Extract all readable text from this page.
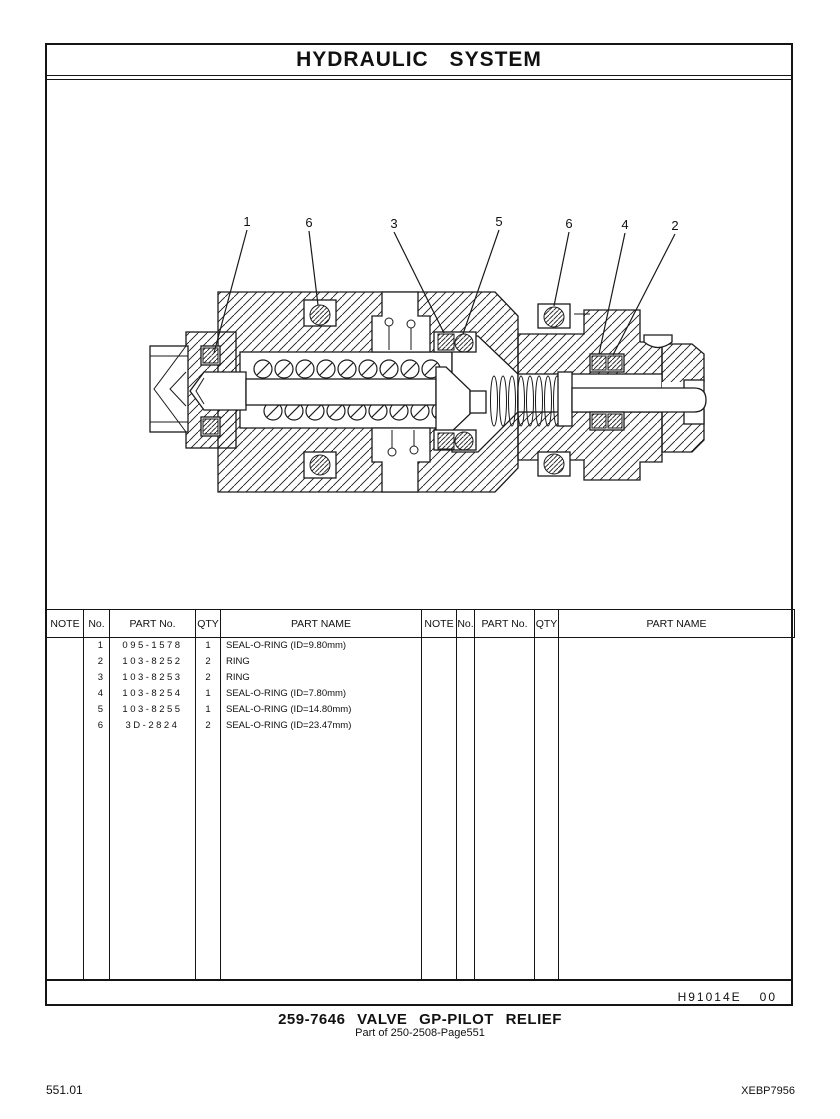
1	6	3	5	6	4	2
HYDRAULIC SYSTEM
NOTE No.	PART No.	QTY	PART NAME
1	095-1578	1	SEAL-O-RING (ID=9.80mm)
2	103-8252	2	RING
3	103-8253	2	RING
4	103-8254	1	SEAL-O-RING (ID=7.80mm)
5	103-8255	1	SEAL-O-RING (ID=14.80mm)
6	3D-2824	2	SEAL-O-RING (ID=23.47mm)
NOTE No. PART No. QTY	PART NAME
H91014E 00
259-7646 VALVE GP-PILOT RELIEF
Part of 250-2508-Page551
551.01	XEBP7956
